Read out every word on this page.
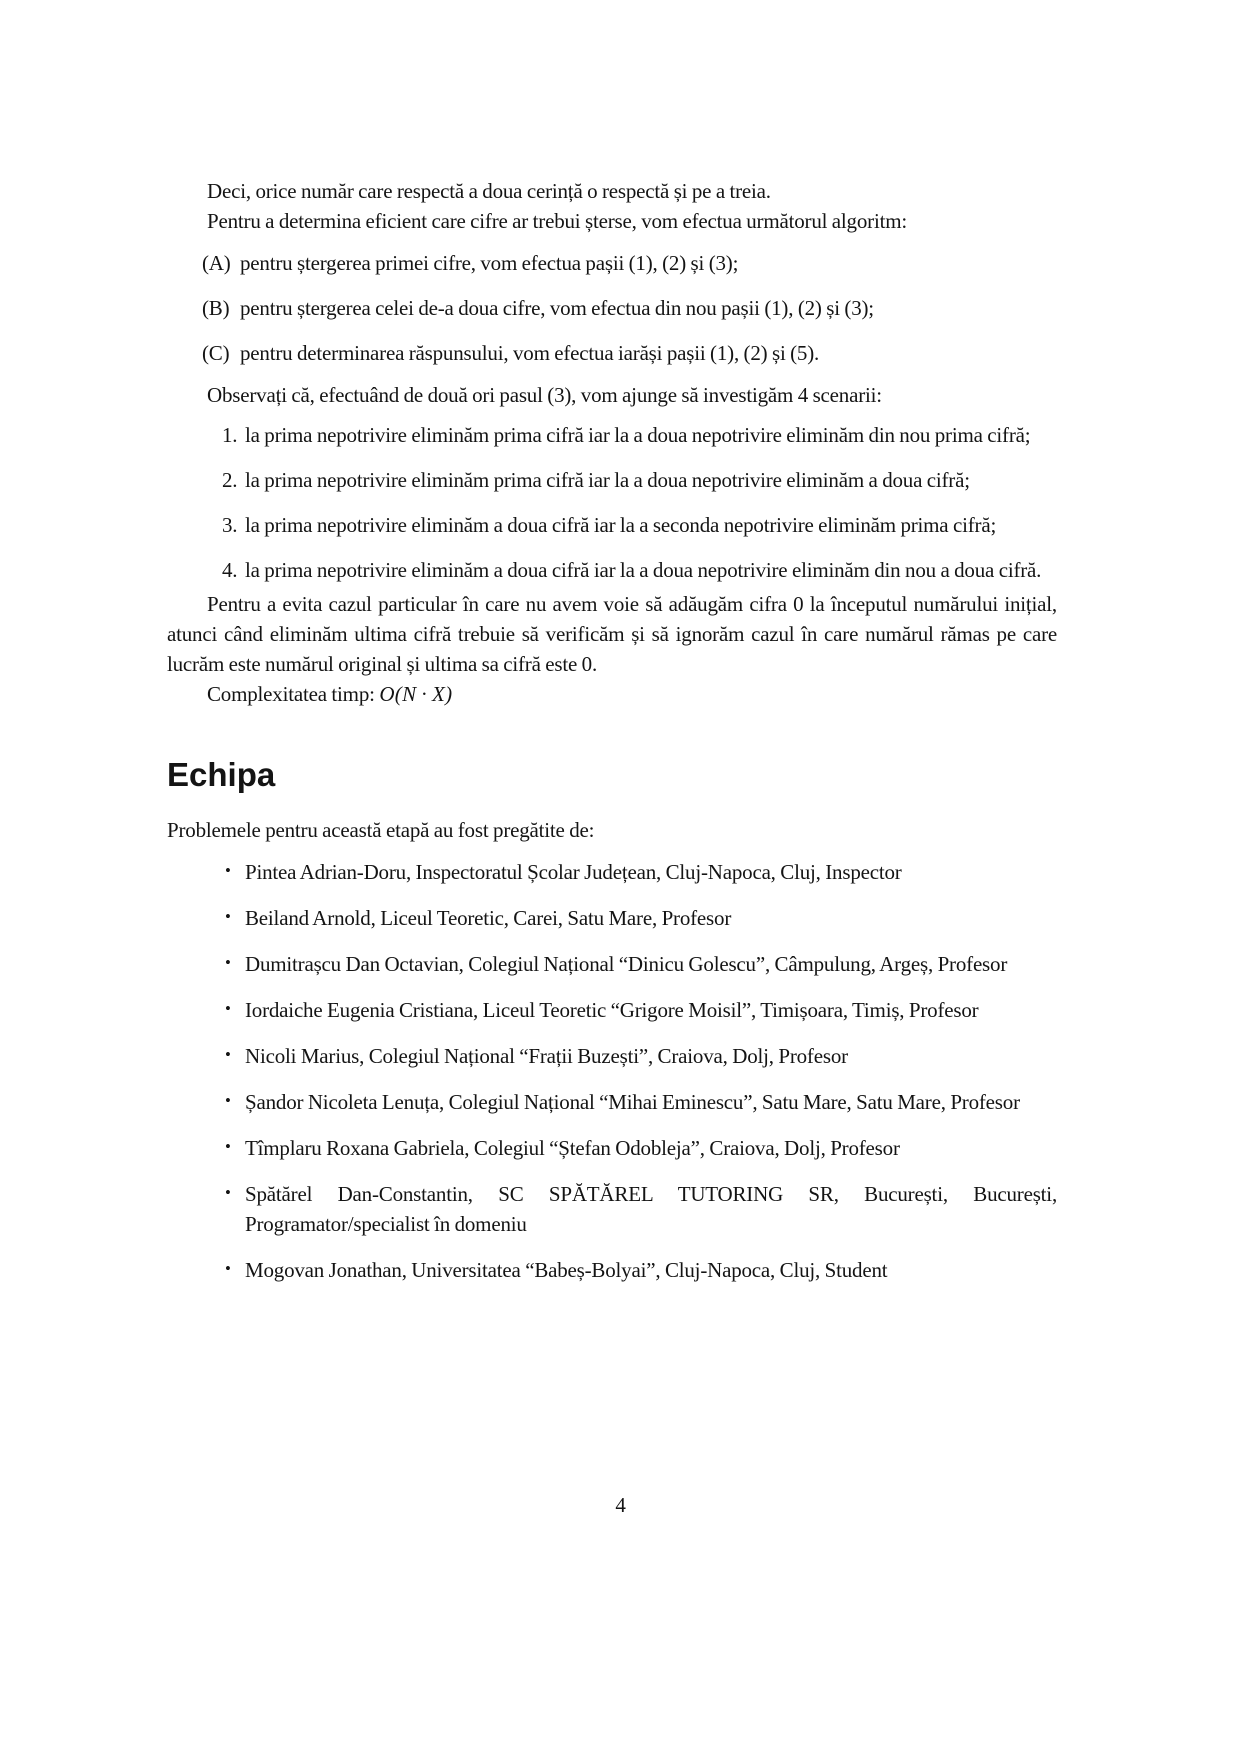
Deci, orice număr care respectă a doua cerință o respectă și pe a treia.

Pentru a determina eficient care cifre ar trebui șterse, vom efectua următorul algoritm:

(A) pentru ștergerea primei cifre, vom efectua pașii (1), (2) și (3);
(B) pentru ștergerea celei de-a doua cifre, vom efectua din nou pașii (1), (2) și (3);
(C) pentru determinarea răspunsului, vom efectua iarăși pașii (1), (2) și (5).

Observați că, efectuând de două ori pasul (3), vom ajunge să investigăm 4 scenarii:

1. la prima nepotrivire eliminăm prima cifră iar la a doua nepotrivire eliminăm din nou prima cifră;
2. la prima nepotrivire eliminăm prima cifră iar la a doua nepotrivire eliminăm a doua cifră;
3. la prima nepotrivire eliminăm a doua cifră iar la a seconda nepotrivire eliminăm prima cifră;
4. la prima nepotrivire eliminăm a doua cifră iar la a doua nepotrivire eliminăm din nou a doua cifră.

Pentru a evita cazul particular în care nu avem voie să adăugăm cifra 0 la începutul numărului inițial, atunci când eliminăm ultima cifră trebuie să verificăm și să ignorăm cazul în care numărul rămas pe care lucrăm este numărul original și ultima sa cifră este 0.

Complexitatea timp: O(N · X)

Echipa

Problemele pentru această etapă au fost pregătite de:

• Pintea Adrian-Doru, Inspectoratul Școlar Județean, Cluj-Napoca, Cluj, Inspector
• Beiland Arnold, Liceul Teoretic, Carei, Satu Mare, Profesor
• Dumitrașcu Dan Octavian, Colegiul Național “Dinicu Golescu”, Câmpulung, Argeș, Profesor
• Iordaiche Eugenia Cristiana, Liceul Teoretic “Grigore Moisil”, Timișoara, Timiș, Profesor
• Nicoli Marius, Colegiul Național “Frații Buzești”, Craiova, Dolj, Profesor
• Șandor Nicoleta Lenuța, Colegiul Național “Mihai Eminescu”, Satu Mare, Satu Mare, Profesor
• Tîmplaru Roxana Gabriela, Colegiul “Ștefan Odobleja”, Craiova, Dolj, Profesor
• Spătărel Dan-Constantin, SC SPĂTĂREL TUTORING SR, București, București, Programator/specialist în domeniu
• Mogovan Jonathan, Universitatea “Babeș-Bolyai”, Cluj-Napoca, Cluj, Student
4
